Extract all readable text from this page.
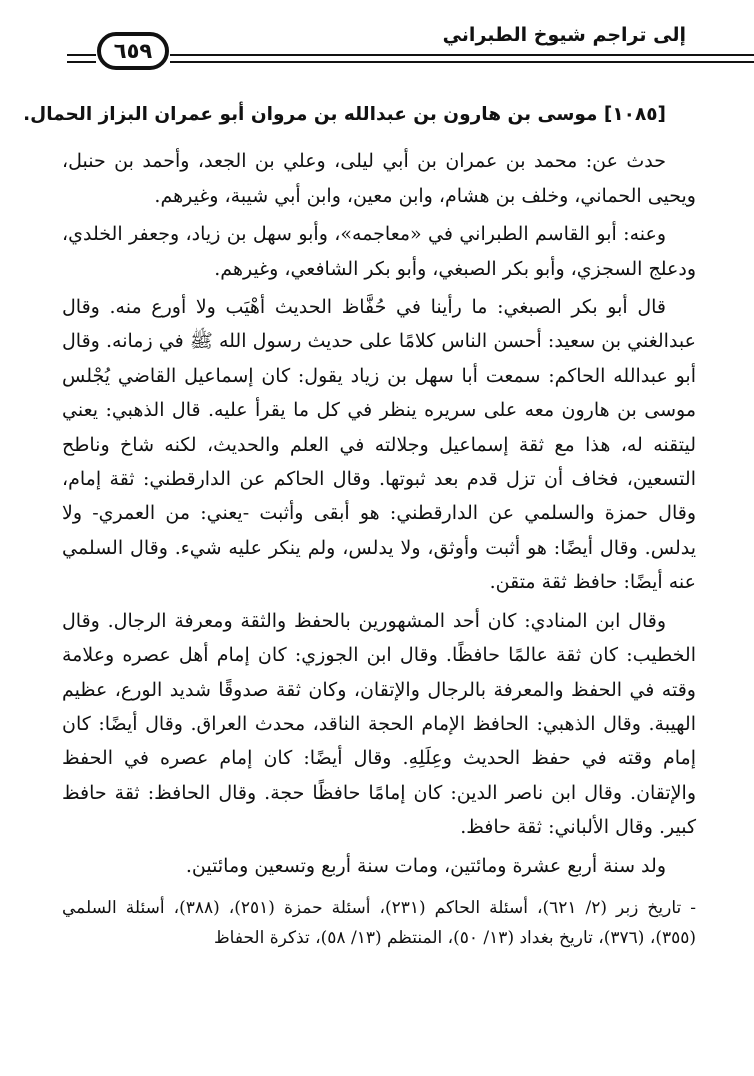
٦٥٩
إلى تراجم شيوخ الطبراني
[١٠٨٥] موسى بن هارون بن عبدالله بن مروان أبو عمران البزاز الحمال.

حدث عن: محمد بن عمران بن أبي ليلى، وعلي بن الجعد، وأحمد بن حنبل، ويحيى الحماني، وخلف بن هشام، وابن معين، وابن أبي شيبة، وغيرهم.

وعنه: أبو القاسم الطبراني في «معاجمه»، وأبو سهل بن زياد، وجعفر الخلدي، ودعلج السجزي، وأبو بكر الصبغي، وأبو بكر الشافعي، وغيرهم.

قال أبو بكر الصبغي: ما رأينا في حُفَّاظ الحديث أهْيَب ولا أورع منه. وقال عبدالغني بن سعيد: أحسن الناس كلامًا على حديث رسول الله ﷺ في زمانه. وقال أبو عبدالله الحاكم: سمعت أبا سهل بن زياد يقول: كان إسماعيل القاضي يُجْلس موسى بن هارون معه على سريره ينظر في كل ما يقرأ عليه. قال الذهبي: يعني ليتقنه له، هذا مع ثقة إسماعيل وجلالته في العلم والحديث، لكنه شاخ وناطح التسعين، فخاف أن تزل قدم بعد ثبوتها. وقال الحاكم عن الدارقطني: ثقة إمام، وقال حمزة والسلمي عن الدارقطني: هو أبقى وأثبت -يعني: من العمري- ولا يدلس. وقال أيضًا: هو أثبت وأوثق، ولا يدلس، ولم ينكر عليه شيء. وقال السلمي عنه أيضًا: حافظ ثقة متقن.

وقال ابن المنادي: كان أحد المشهورين بالحفظ والثقة ومعرفة الرجال. وقال الخطيب: كان ثقة عالمًا حافظًا. وقال ابن الجوزي: كان إمام أهل عصره وعلامة وقته في الحفظ والمعرفة بالرجال والإتقان، وكان ثقة صدوقًا شديد الورع، عظيم الهيبة. وقال الذهبي: الحافظ الإمام الحجة الناقد، محدث العراق. وقال أيضًا: كان إمام وقته في حفظ الحديث وعِلَلِهِ. وقال أيضًا: كان إمام عصره في الحفظ والإتقان. وقال ابن ناصر الدين: كان إمامًا حافظًا حجة. وقال الحافظ: ثقة حافظ كبير. وقال الألباني: ثقة حافظ.

ولد سنة أربع عشرة ومائتين، ومات سنة أربع وتسعين ومائتين.

- تاريخ زبر (٢/ ٦٢١)، أسئلة الحاكم (٢٣١)، أسئلة حمزة (٢٥١)، (٣٨٨)، أسئلة السلمي (٣٥٥)، (٣٧٦)، تاريخ بغداد (١٣/ ٥٠)، المنتظم (١٣/ ٥٨)، تذكرة الحفاظ
